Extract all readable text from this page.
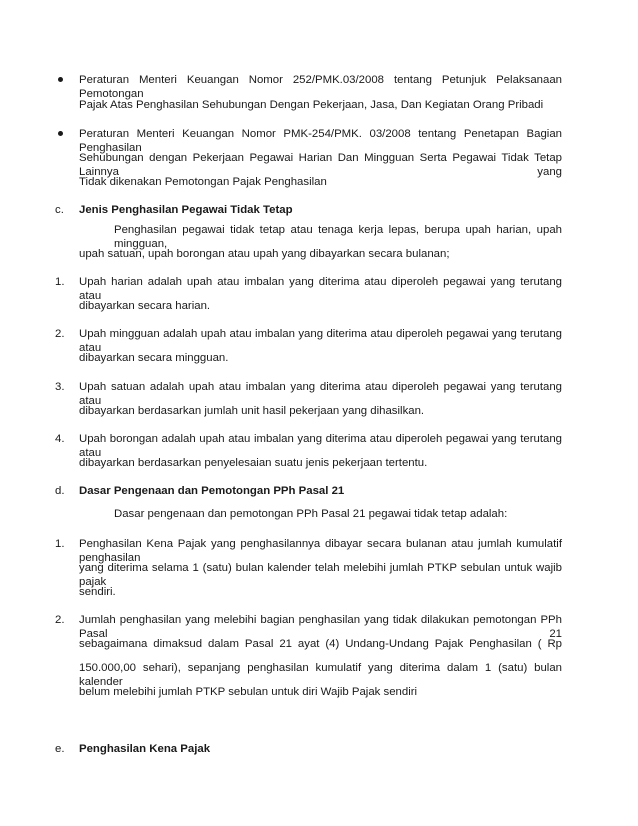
Peraturan Menteri Keuangan Nomor 252/PMK.03/2008 tentang Petunjuk Pelaksanaan Pemotongan
Pajak Atas Penghasilan Sehubungan Dengan Pekerjaan, Jasa, Dan Kegiatan Orang Pribadi
Peraturan Menteri Keuangan Nomor PMK-254/PMK. 03/2008 tentang Penetapan Bagian Penghasilan
Sehubungan dengan Pekerjaan Pegawai Harian Dan Mingguan Serta Pegawai Tidak Tetap Lainnya yang
Tidak dikenakan Pemotongan Pajak Penghasilan
c. Jenis Penghasilan Pegawai Tidak Tetap
Penghasilan pegawai tidak tetap atau tenaga kerja lepas, berupa upah harian, upah mingguan,
upah satuan, upah borongan atau upah yang dibayarkan secara bulanan;
1. Upah harian adalah upah atau imbalan yang diterima atau diperoleh pegawai yang terutang atau
dibayarkan secara harian.
2. Upah mingguan adalah upah atau imbalan yang diterima atau diperoleh pegawai yang terutang atau
dibayarkan secara mingguan.
3. Upah satuan adalah upah atau imbalan yang diterima atau diperoleh pegawai yang terutang atau
dibayarkan berdasarkan jumlah unit hasil pekerjaan yang dihasilkan.
4. Upah borongan adalah upah atau imbalan yang diterima atau diperoleh pegawai yang terutang atau
dibayarkan berdasarkan penyelesaian suatu jenis pekerjaan tertentu.
d. Dasar Pengenaan dan Pemotongan PPh Pasal 21
Dasar pengenaan dan pemotongan PPh Pasal 21 pegawai tidak tetap adalah:
1. Penghasilan Kena Pajak yang penghasilannya dibayar secara bulanan atau jumlah kumulatif penghasilan
yang diterima selama 1 (satu) bulan kalender telah melebihi jumlah PTKP sebulan untuk wajib pajak
sendiri.
2. Jumlah penghasilan yang melebihi bagian penghasilan yang tidak dilakukan pemotongan PPh Pasal 21
sebagaimana dimaksud dalam Pasal 21 ayat (4) Undang-Undang Pajak Penghasilan ( Rp
150.000,00 sehari), sepanjang penghasilan kumulatif yang diterima dalam 1 (satu) bulan kalender
belum melebihi jumlah PTKP sebulan untuk diri Wajib Pajak sendiri
e. Penghasilan Kena Pajak
